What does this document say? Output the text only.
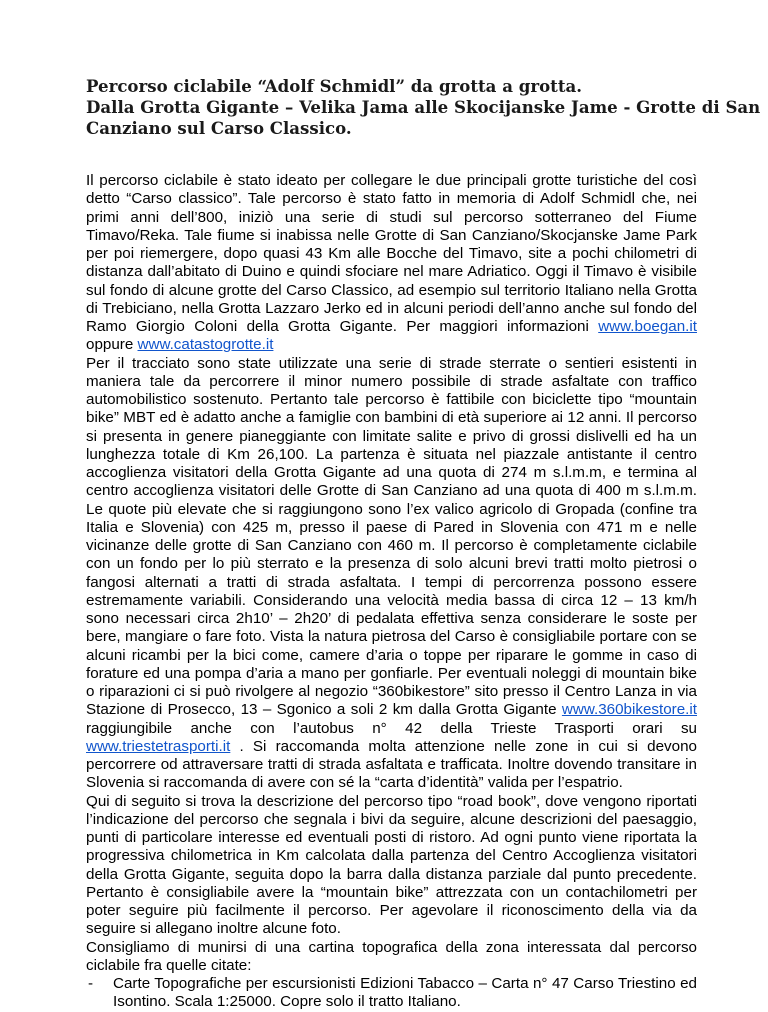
Percorso ciclabile “Adolf Schmidl” da grotta a grotta.
Dalla Grotta Gigante – Velika Jama alle Skocijanske Jame - Grotte di San
Canziano sul Carso Classico.

Il percorso ciclabile è stato ideato per collegare le due principali grotte turistiche del così detto “Carso classico”. Tale percorso è stato fatto in memoria di Adolf Schmidl che, nei primi anni dell’800, iniziò una serie di studi sul percorso sotterraneo del Fiume Timavo/Reka. Tale fiume si inabissa nelle Grotte di San Canziano/Skocjanske Jame Park per poi riemergere, dopo quasi 43 Km alle Bocche del Timavo, site a pochi chilometri di distanza dall’abitato di Duino e quindi sfociare nel mare Adriatico. Oggi il Timavo è visibile sul fondo di alcune grotte del Carso Classico, ad esempio sul territorio Italiano nella Grotta di Trebiciano, nella Grotta Lazzaro Jerko ed in alcuni periodi dell’anno anche sul fondo del Ramo Giorgio Coloni della Grotta Gigante. Per maggiori informazioni www.boegan.it oppure www.catastogrotte.it

Per il tracciato sono state utilizzate una serie di strade sterrate o sentieri esistenti in maniera tale da percorrere il minor numero possibile di strade asfaltate con traffico automobilistico sostenuto. Pertanto tale percorso è fattibile con biciclette tipo “mountain bike” MBT ed è adatto anche a famiglie con bambini di età superiore ai 12 anni. Il percorso si presenta in genere pianeggiante con limitate salite e privo di grossi dislivelli ed ha un lunghezza totale di Km 26,100. La partenza è situata nel piazzale antistante il centro accoglienza visitatori della Grotta Gigante ad una quota di 274 m s.l.m.m, e termina al centro accoglienza visitatori delle Grotte di San Canziano ad una quota di 400 m s.l.m.m. Le quote più elevate che si raggiungono sono l’ex valico agricolo di Gropada (confine tra Italia e Slovenia) con 425 m, presso il paese di Pared in Slovenia con 471 m e nelle vicinanze delle grotte di San Canziano con 460 m. Il percorso è completamente ciclabile con un fondo per lo più sterrato e la presenza di solo alcuni brevi tratti molto pietrosi o fangosi alternati a tratti di strada asfaltata. I tempi di percorrenza possono essere estremamente variabili. Considerando una velocità media bassa di circa 12 – 13 km/h sono necessari circa 2h10’ – 2h20’ di pedalata effettiva senza considerare le soste per bere, mangiare o fare foto. Vista la natura pietrosa del Carso è consigliabile portare con se alcuni ricambi per la bici come, camere d’aria o toppe per riparare le gomme in caso di forature ed una pompa d’aria a mano per gonfiarle. Per eventuali noleggi di mountain bike o riparazioni ci si può rivolgere al negozio “360bikestore” sito presso il Centro Lanza in via Stazione di Prosecco, 13 – Sgonico a soli 2 km dalla Grotta Gigante www.360bikestore.it raggiungibile anche con l’autobus n° 42 della Trieste Trasporti orari su www.triestetrasporti.it . Si raccomanda molta attenzione nelle zone in cui si devono percorrere od attraversare tratti di strada asfaltata e trafficata. Inoltre dovendo transitare in Slovenia si raccomanda di avere con sé la “carta d’identità” valida per l’espatrio.

Qui di seguito si trova la descrizione del percorso tipo “road book”, dove vengono riportati l’indicazione del percorso che segnala i bivi da seguire, alcune descrizioni del paesaggio, punti di particolare interesse ed eventuali posti di ristoro. Ad ogni punto viene riportata la progressiva chilometrica in Km calcolata dalla partenza del Centro Accoglienza visitatori della Grotta Gigante, seguita dopo la barra dalla distanza parziale dal punto precedente. Pertanto è consigliabile avere la “mountain bike” attrezzata con un contachilometri per poter seguire più facilmente il percorso. Per agevolare il riconoscimento della via da seguire si allegano inoltre alcune foto.

Consigliamo di munirsi di una cartina topografica della zona interessata dal percorso ciclabile fra quelle citate:

- Carte Topografiche per escursionisti Edizioni Tabacco – Carta n° 47 Carso Triestino ed Isontino. Scala 1:25000. Copre solo il tratto Italiano.
